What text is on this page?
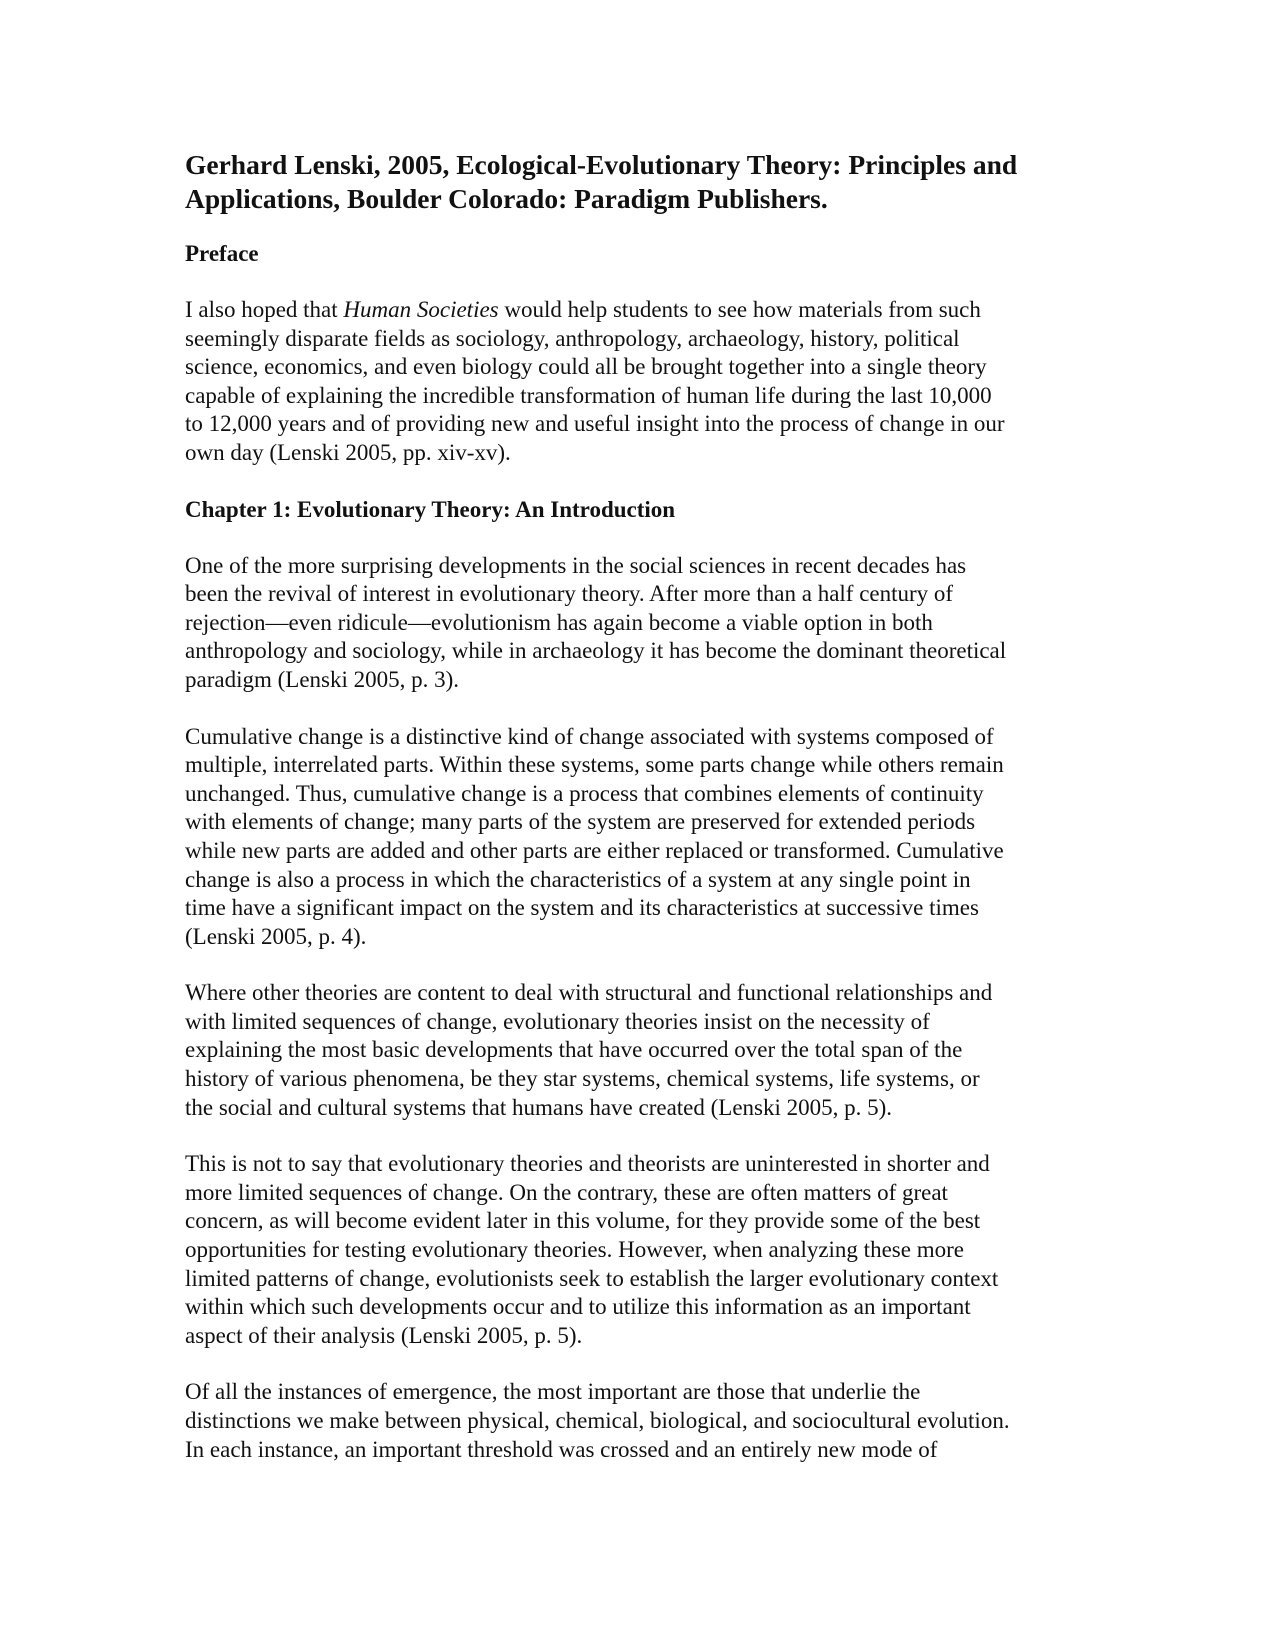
Gerhard Lenski, 2005, Ecological-Evolutionary Theory: Principles and
Applications, Boulder Colorado: Paradigm Publishers.
Preface

I also hoped that Human Societies would help students to see how materials from such
seemingly disparate fields as sociology, anthropology, archaeology, history, political
science, economics, and even biology could all be brought together into a single theory
capable of explaining the incredible transformation of human life during the last 10,000
to 12,000 years and of providing new and useful insight into the process of change in our
own day (Lenski 2005, pp. xiv-xv).

Chapter 1: Evolutionary Theory: An Introduction

One of the more surprising developments in the social sciences in recent decades has
been the revival of interest in evolutionary theory. After more than a half century of
rejection—even ridicule—evolutionism has again become a viable option in both
anthropology and sociology, while in archaeology it has become the dominant theoretical
paradigm (Lenski 2005, p. 3).

Cumulative change is a distinctive kind of change associated with systems composed of
multiple, interrelated parts. Within these systems, some parts change while others remain
unchanged. Thus, cumulative change is a process that combines elements of continuity
with elements of change; many parts of the system are preserved for extended periods
while new parts are added and other parts are either replaced or transformed. Cumulative
change is also a process in which the characteristics of a system at any single point in
time have a significant impact on the system and its characteristics at successive times
(Lenski 2005, p. 4).

Where other theories are content to deal with structural and functional relationships and
with limited sequences of change, evolutionary theories insist on the necessity of
explaining the most basic developments that have occurred over the total span of the
history of various phenomena, be they star systems, chemical systems, life systems, or
the social and cultural systems that humans have created (Lenski 2005, p. 5).

This is not to say that evolutionary theories and theorists are uninterested in shorter and
more limited sequences of change. On the contrary, these are often matters of great
concern, as will become evident later in this volume, for they provide some of the best
opportunities for testing evolutionary theories. However, when analyzing these more
limited patterns of change, evolutionists seek to establish the larger evolutionary context
within which such developments occur and to utilize this information as an important
aspect of their analysis (Lenski 2005, p. 5).

Of all the instances of emergence, the most important are those that underlie the
distinctions we make between physical, chemical, biological, and sociocultural evolution.
In each instance, an important threshold was crossed and an entirely new mode of
